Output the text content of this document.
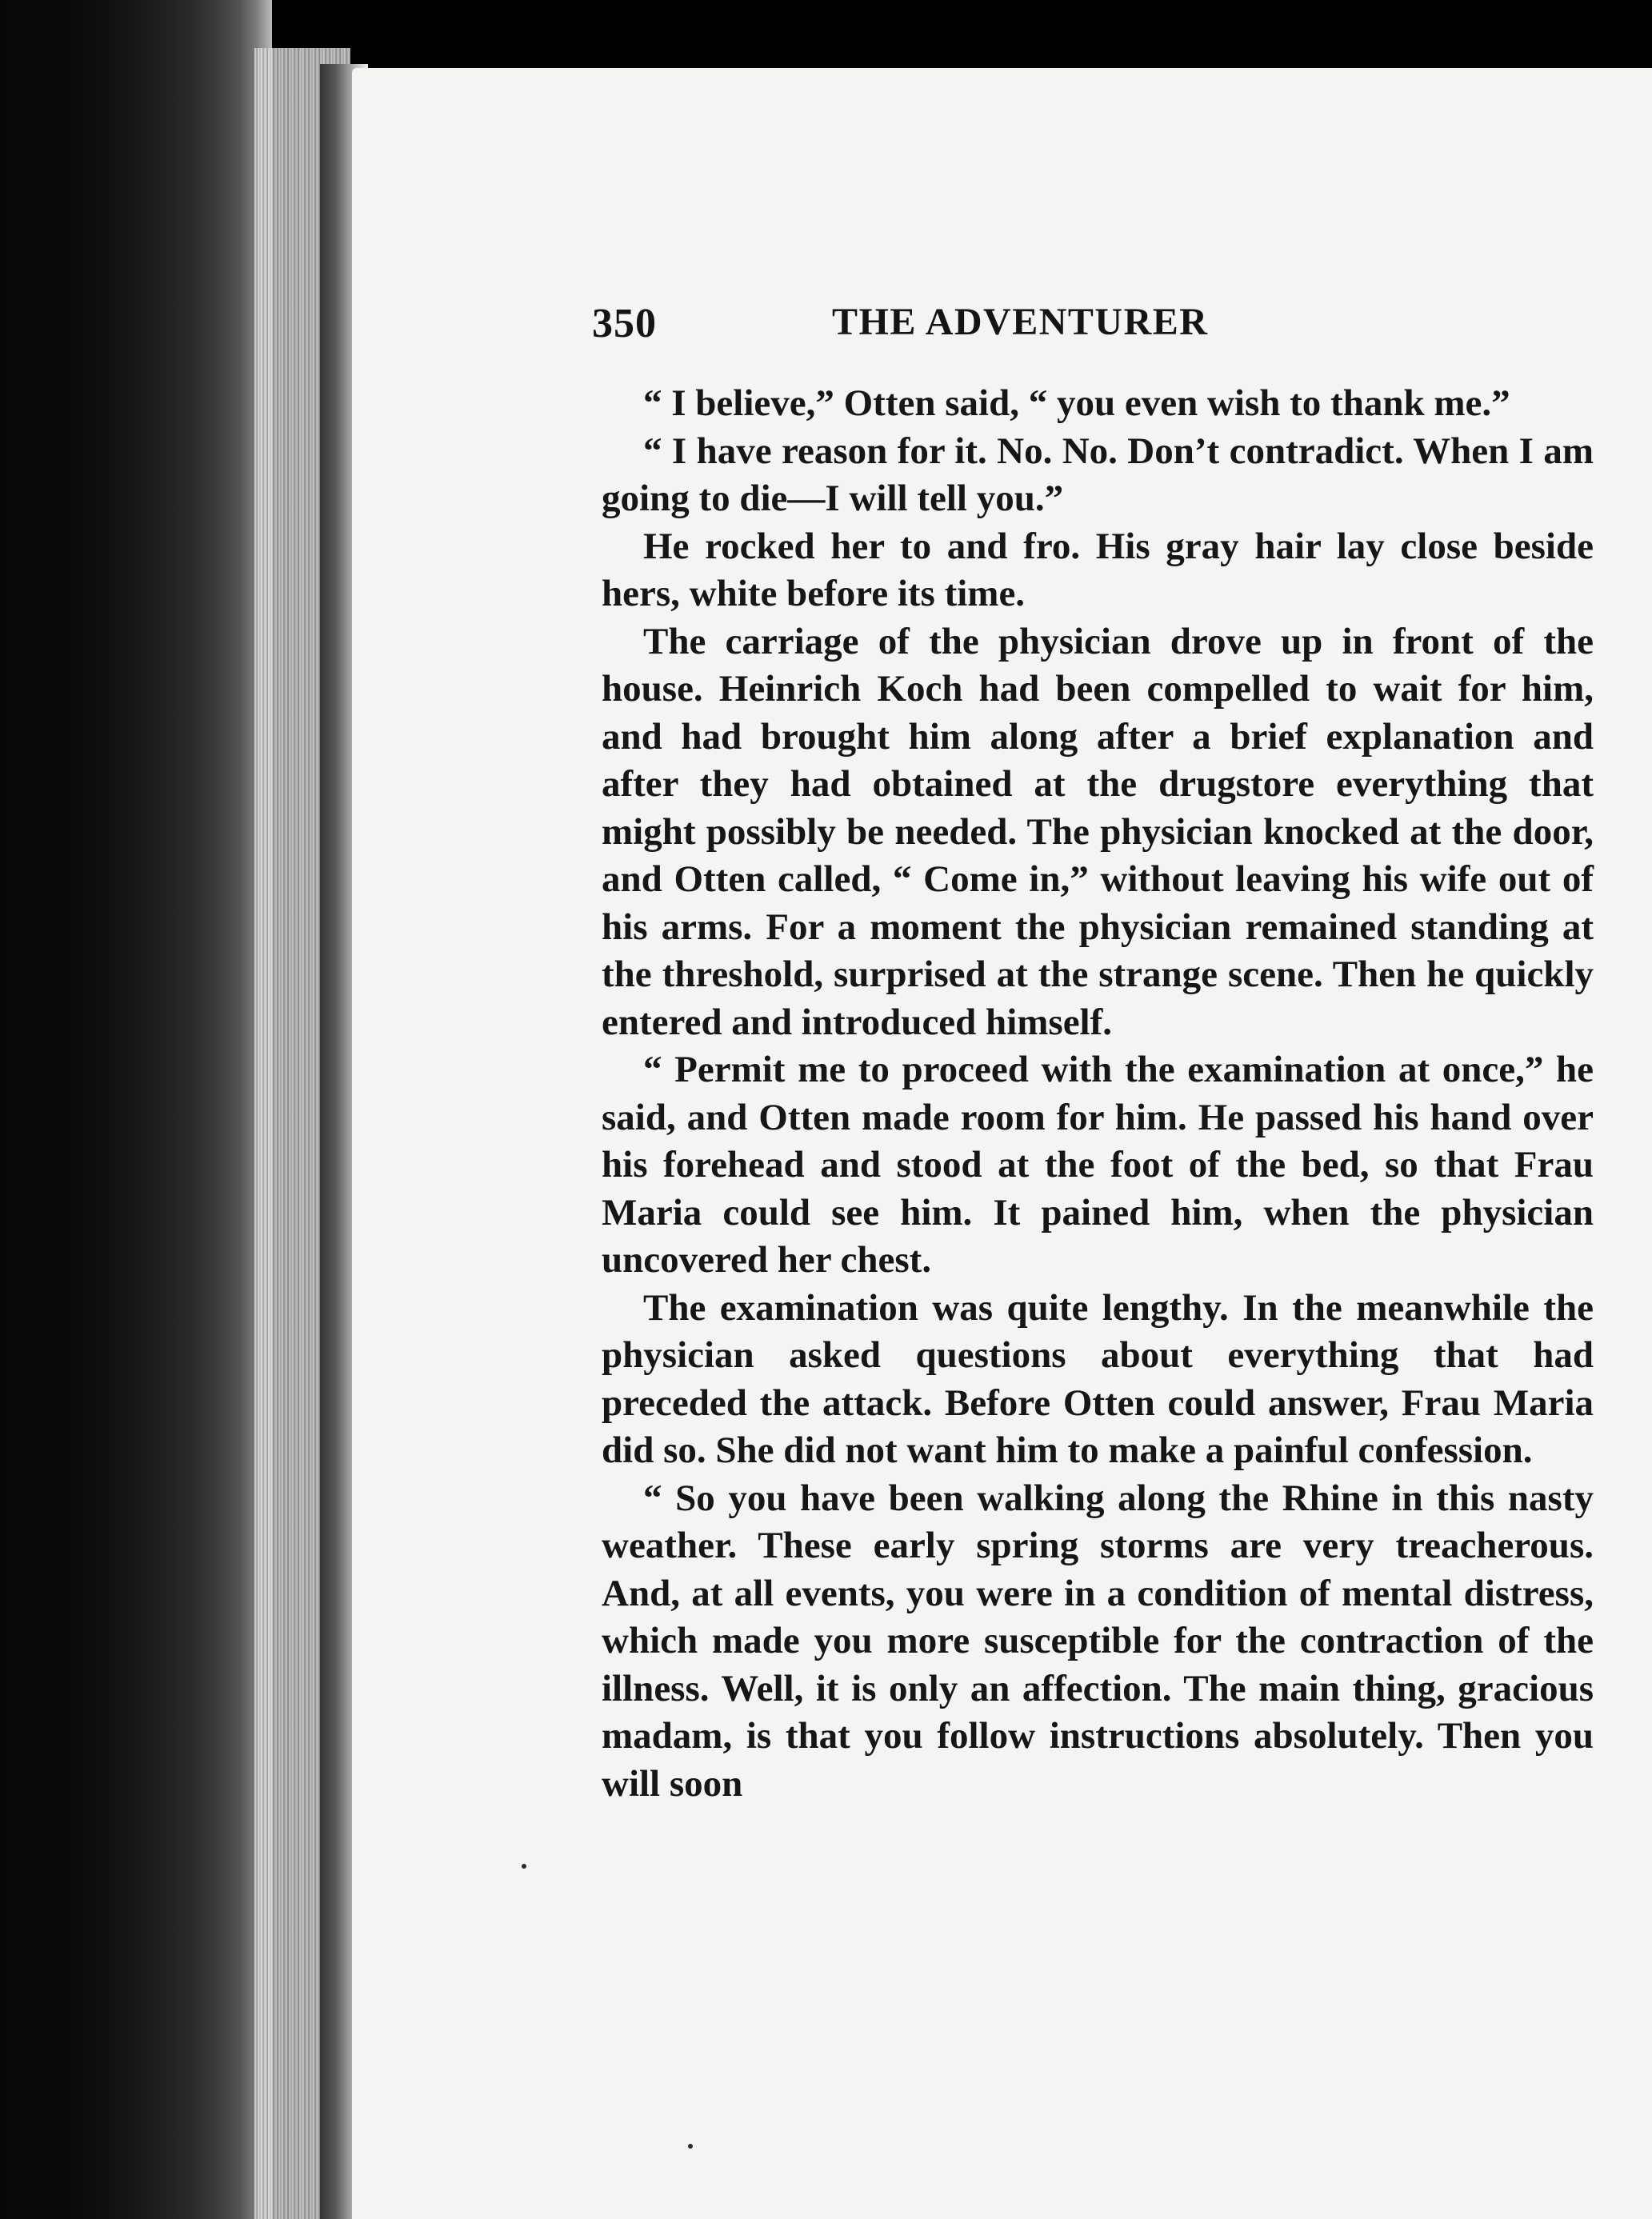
350	THE ADVENTURER

“ I believe,” Otten said, “ you even wish to thank me.”

“ I have reason for it. No. No. Don’t contradict. When I am going to die—I will tell you.”

He rocked her to and fro. His gray hair lay close beside hers, white before its time.

The carriage of the physician drove up in front of the house. Heinrich Koch had been compelled to wait for him, and had brought him along after a brief explanation and after they had obtained at the drugstore everything that might possibly be needed. The physician knocked at the door, and Otten called, “ Come in,” without leaving his wife out of his arms. For a moment the physician remained standing at the threshold, surprised at the strange scene. Then he quickly entered and introduced himself.

“ Permit me to proceed with the examination at once,” he said, and Otten made room for him. He passed his hand over his forehead and stood at the foot of the bed, so that Frau Maria could see him. It pained him, when the physician uncovered her chest.

The examination was quite lengthy. In the meanwhile the physician asked questions about everything that had preceded the attack. Before Otten could answer, Frau Maria did so. She did not want him to make a painful confession.

“ So you have been walking along the Rhine in this nasty weather. These early spring storms are very treacherous. And, at all events, you were in a condition of mental distress, which made you more susceptible for the contraction of the illness. Well, it is only an affection. The main thing, gracious madam, is that you follow instructions absolutely. Then you will soon
